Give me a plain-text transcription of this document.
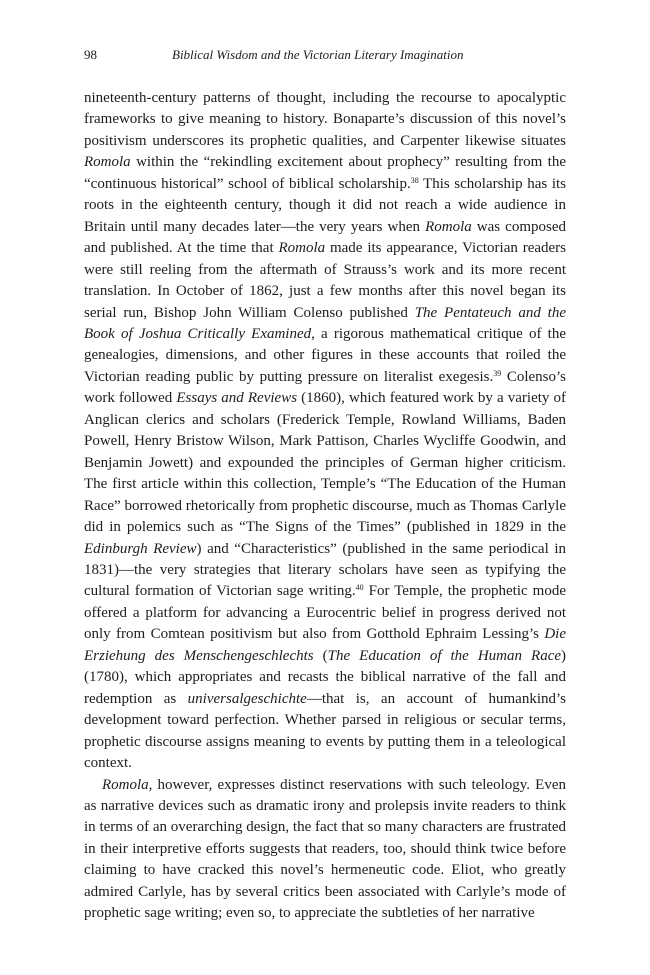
98	Biblical Wisdom and the Victorian Literary Imagination

nineteenth-century patterns of thought, including the recourse to apocalyptic frameworks to give meaning to history. Bonaparte’s discussion of this novel’s positivism underscores its prophetic qualities, and Carpenter likewise situates Romola within the “rekindling excitement about prophecy” resulting from the “continuous historical” school of biblical scholarship.$^{38}$ This scholarship has its roots in the eighteenth century, though it did not reach a wide audience in Britain until many decades later—the very years when Romola was composed and published. At the time that Romola made its appearance, Victorian readers were still reeling from the aftermath of Strauss’s work and its more recent translation. In October of 1862, just a few months after this novel began its serial run, Bishop John William Colenso published The Pentateuch and the Book of Joshua Critically Examined, a rigorous mathematical critique of the genealogies, dimensions, and other figures in these accounts that roiled the Victorian reading public by putting pressure on literalist exegesis.$^{39}$ Colenso’s work followed Essays and Reviews (1860), which featured work by a variety of Anglican clerics and scholars (Frederick Temple, Rowland Williams, Baden Powell, Henry Bristow Wilson, Mark Pattison, Charles Wycliffe Goodwin, and Benjamin Jowett) and expounded the principles of German higher criticism. The first article within this collection, Temple’s “The Education of the Human Race” borrowed rhetorically from prophetic discourse, much as Thomas Carlyle did in polemics such as “The Signs of the Times” (published in 1829 in the Edinburgh Review) and “Characteristics” (published in the same periodical in 1831)—the very strategies that literary scholars have seen as typifying the cultural formation of Victorian sage writing.$^{40}$ For Temple, the prophetic mode offered a platform for advancing a Eurocentric belief in progress derived not only from Comtean positivism but also from Gotthold Ephraim Lessing’s Die Erziehung des Menschengeschlechts (The Education of the Human Race) (1780), which appropriates and recasts the biblical narrative of the fall and redemption as universalgeschichte—that is, an account of humankind’s development toward perfection. Whether parsed in religious or secular terms, prophetic discourse assigns meaning to events by putting them in a teleological context.

Romola, however, expresses distinct reservations with such teleology. Even as narrative devices such as dramatic irony and prolepsis invite readers to think in terms of an overarching design, the fact that so many characters are frustrated in their interpretive efforts suggests that readers, too, should think twice before claiming to have cracked this novel’s hermeneutic code. Eliot, who greatly admired Carlyle, has by several critics been associated with Carlyle’s mode of prophetic sage writing; even so, to appreciate the subtleties of her narrative
